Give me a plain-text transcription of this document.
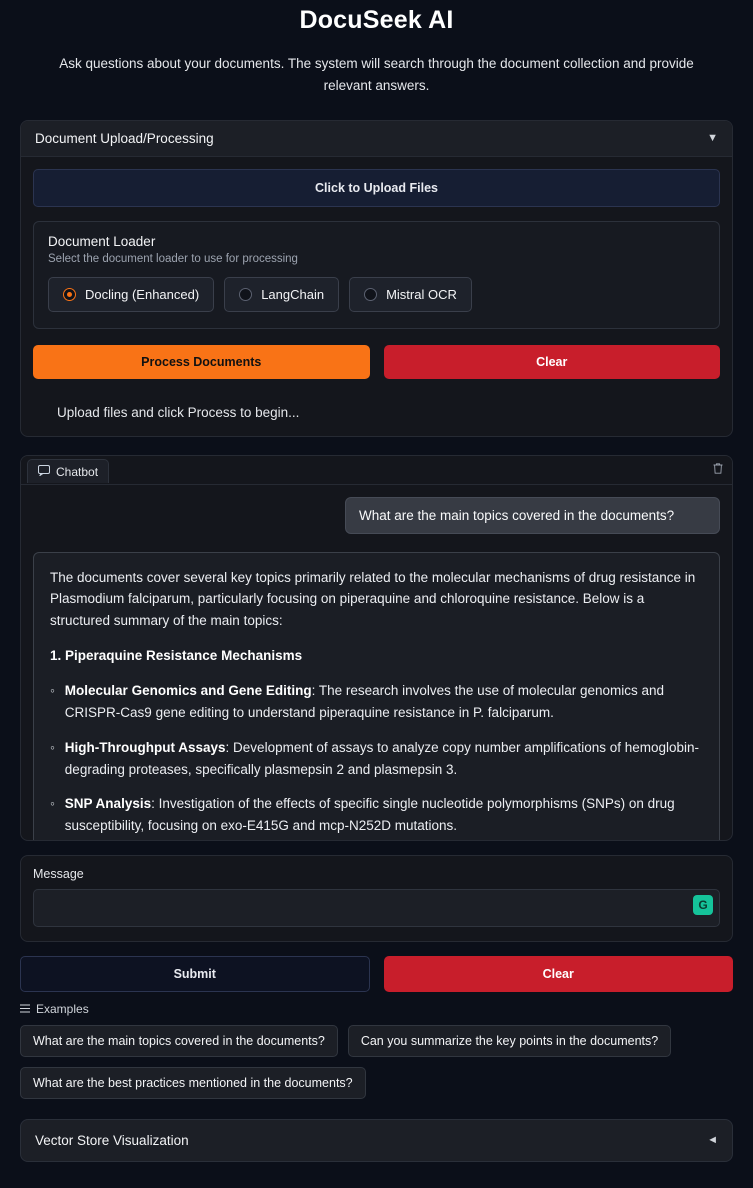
DocuSeek AI
Ask questions about your documents. The system will search through the document collection and provide relevant answers.
Document Upload/Processing	▼
Click to Upload Files
Document Loader
Select the document loader to use for processing
Docling (Enhanced)	LangChain	Mistral OCR
Process Documents	Clear
Upload files and click Process to begin...
Chatbot
What are the main topics covered in the documents?

The documents cover several key topics primarily related to the molecular mechanisms of drug resistance in Plasmodium falciparum, particularly focusing on piperaquine and chloroquine resistance. Below is a structured summary of the main topics:

1. Piperaquine Resistance Mechanisms

◦ Molecular Genomics and Gene Editing: The research involves the use of molecular genomics and CRISPR-Cas9 gene editing to understand piperaquine resistance in P. falciparum.
◦ High-Throughput Assays: Development of assays to analyze copy number amplifications of hemoglobin-degrading proteases, specifically plasmepsin 2 and plasmepsin 3.
◦ SNP Analysis: Investigation of the effects of specific single nucleotide polymorphisms (SNPs) on drug susceptibility, focusing on exo-E415G and mcp-N252D mutations.
Message
G
Submit	Clear
Examples
What are the main topics covered in the documents?	Can you summarize the key points in the documents?
What are the best practices mentioned in the documents?
Vector Store Visualization	◄
